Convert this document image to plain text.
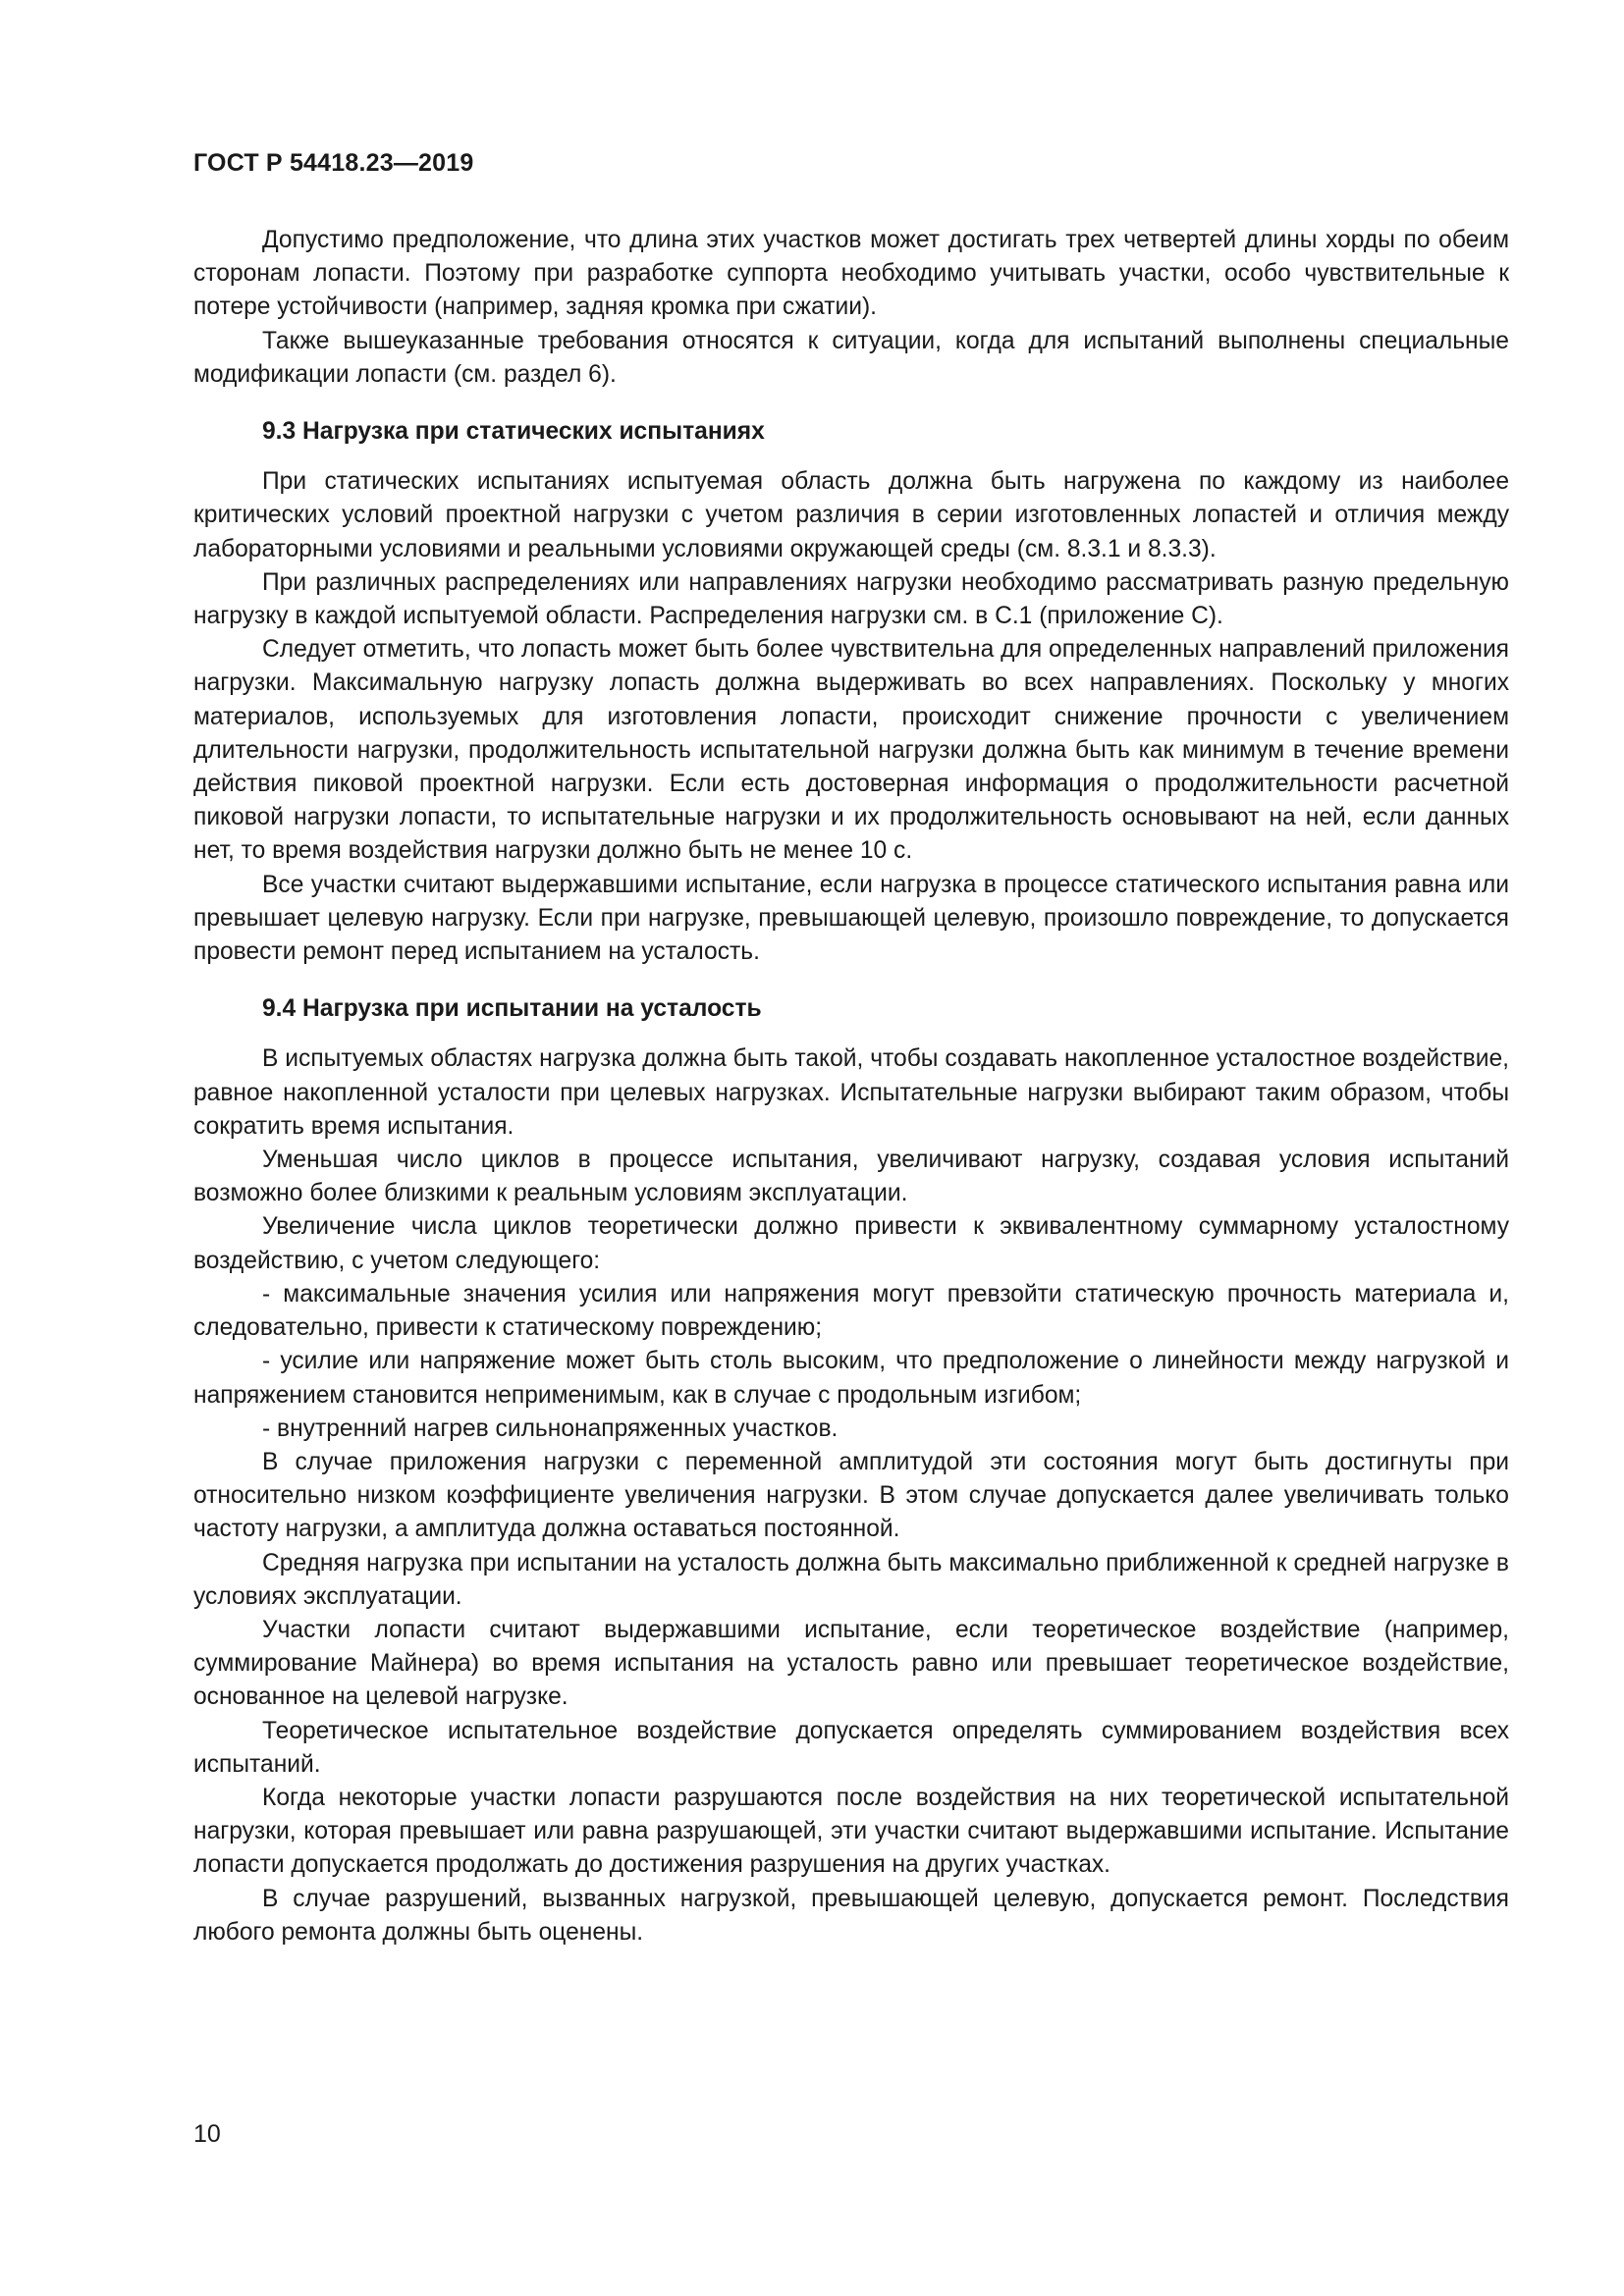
ГОСТ Р 54418.23—2019

Допустимо предположение, что длина этих участков может достигать трех четвертей длины хорды по обеим сторонам лопасти. Поэтому при разработке суппорта необходимо учитывать участки, особо чувствительные к потере устойчивости (например, задняя кромка при сжатии).

Также вышеуказанные требования относятся к ситуации, когда для испытаний выполнены специальные модификации лопасти (см. раздел 6).

9.3 Нагрузка при статических испытаниях

При статических испытаниях испытуемая область должна быть нагружена по каждому из наиболее критических условий проектной нагрузки с учетом различия в серии изготовленных лопастей и отличия между лабораторными условиями и реальными условиями окружающей среды (см. 8.3.1 и 8.3.3).

При различных распределениях или направлениях нагрузки необходимо рассматривать разную предельную нагрузку в каждой испытуемой области. Распределения нагрузки см. в С.1 (приложение С).

Следует отметить, что лопасть может быть более чувствительна для определенных направлений приложения нагрузки. Максимальную нагрузку лопасть должна выдерживать во всех направлениях. Поскольку у многих материалов, используемых для изготовления лопасти, происходит снижение прочности с увеличением длительности нагрузки, продолжительность испытательной нагрузки должна быть как минимум в течение времени действия пиковой проектной нагрузки. Если есть достоверная информация о продолжительности расчетной пиковой нагрузки лопасти, то испытательные нагрузки и их продолжительность основывают на ней, если данных нет, то время воздействия нагрузки должно быть не менее 10 с.

Все участки считают выдержавшими испытание, если нагрузка в процессе статического испытания равна или превышает целевую нагрузку. Если при нагрузке, превышающей целевую, произошло повреждение, то допускается провести ремонт перед испытанием на усталость.

9.4 Нагрузка при испытании на усталость

В испытуемых областях нагрузка должна быть такой, чтобы создавать накопленное усталостное воздействие, равное накопленной усталости при целевых нагрузках. Испытательные нагрузки выбирают таким образом, чтобы сократить время испытания.

Уменьшая число циклов в процессе испытания, увеличивают нагрузку, создавая условия испытаний возможно более близкими к реальным условиям эксплуатации.

Увеличение числа циклов теоретически должно привести к эквивалентному суммарному усталостному воздействию, с учетом следующего:

- максимальные значения усилия или напряжения могут превзойти статическую прочность материала и, следовательно, привести к статическому повреждению;

- усилие или напряжение может быть столь высоким, что предположение о линейности между нагрузкой и напряжением становится неприменимым, как в случае с продольным изгибом;

- внутренний нагрев сильнонапряженных участков.

В случае приложения нагрузки с переменной амплитудой эти состояния могут быть достигнуты при относительно низком коэффициенте увеличения нагрузки. В этом случае допускается далее увеличивать только частоту нагрузки, а амплитуда должна оставаться постоянной.

Средняя нагрузка при испытании на усталость должна быть максимально приближенной к средней нагрузке в условиях эксплуатации.

Участки лопасти считают выдержавшими испытание, если теоретическое воздействие (например, суммирование Майнера) во время испытания на усталость равно или превышает теоретическое воздействие, основанное на целевой нагрузке.

Теоретическое испытательное воздействие допускается определять суммированием воздействия всех испытаний.

Когда некоторые участки лопасти разрушаются после воздействия на них теоретической испытательной нагрузки, которая превышает или равна разрушающей, эти участки считают выдержавшими испытание. Испытание лопасти допускается продолжать до достижения разрушения на других участках.

В случае разрушений, вызванных нагрузкой, превышающей целевую, допускается ремонт. Последствия любого ремонта должны быть оценены.

10
